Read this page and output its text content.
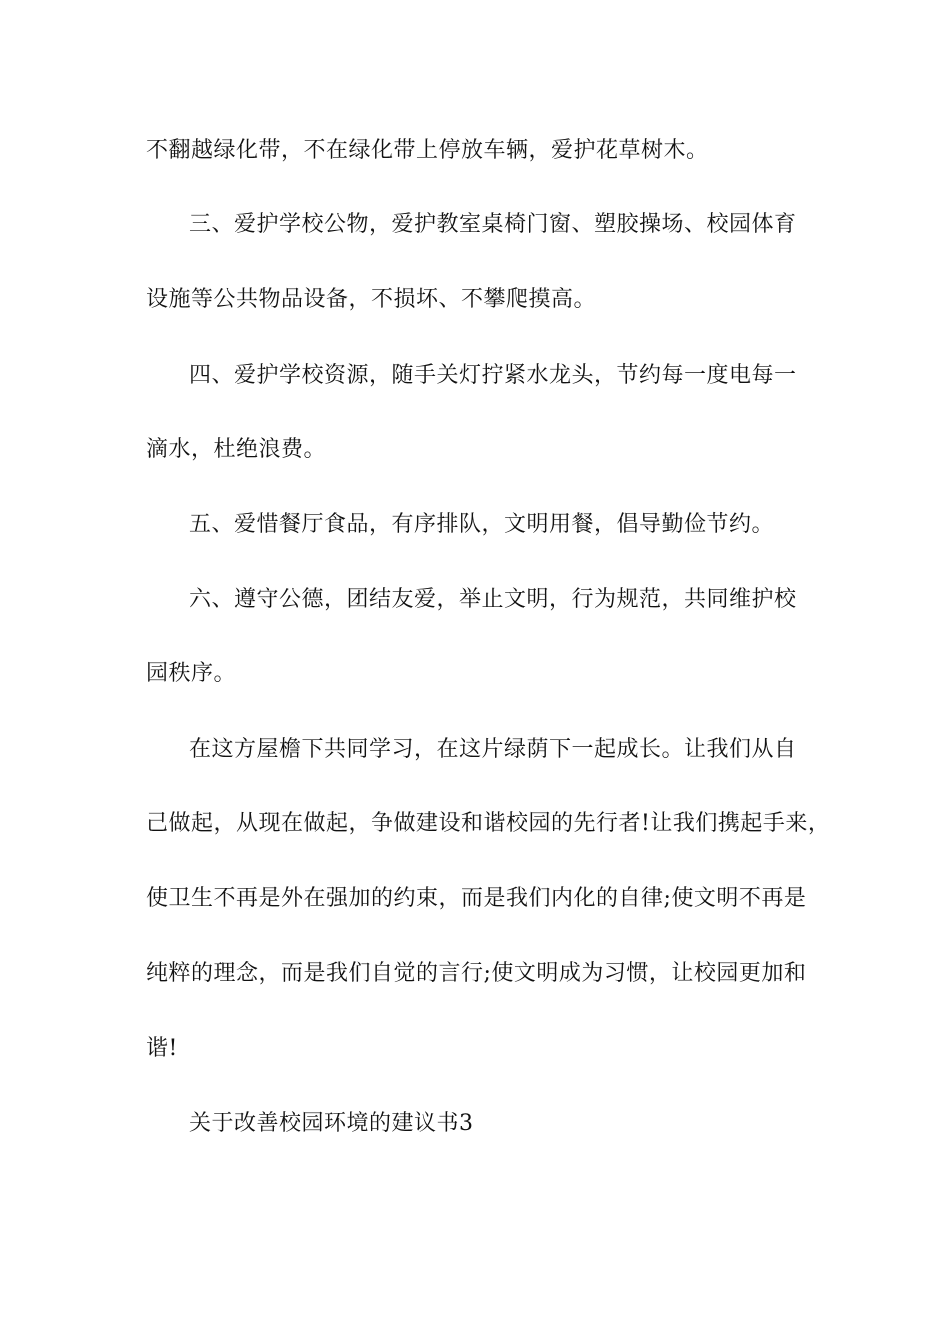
不翻越绿化带，不在绿化带上停放车辆，爱护花草树木。
三、爱护学校公物，爱护教室桌椅门窗、塑胶操场、校园体育
设施等公共物品设备，不损坏、不攀爬摸高。
四、爱护学校资源，随手关灯拧紧水龙头，节约每一度电每一
滴水，杜绝浪费。
五、爱惜餐厅食品，有序排队，文明用餐，倡导勤俭节约。
六、遵守公德，团结友爱，举止文明，行为规范，共同维护校
园秩序。
在这方屋檐下共同学习，在这片绿荫下一起成长。让我们从自
己做起，从现在做起，争做建设和谐校园的先行者!让我们携起手来，
使卫生不再是外在强加的约束，而是我们内化的自律;使文明不再是
纯粹的理念，而是我们自觉的言行;使文明成为习惯，让校园更加和
谐!
关于改善校园环境的建议书3
